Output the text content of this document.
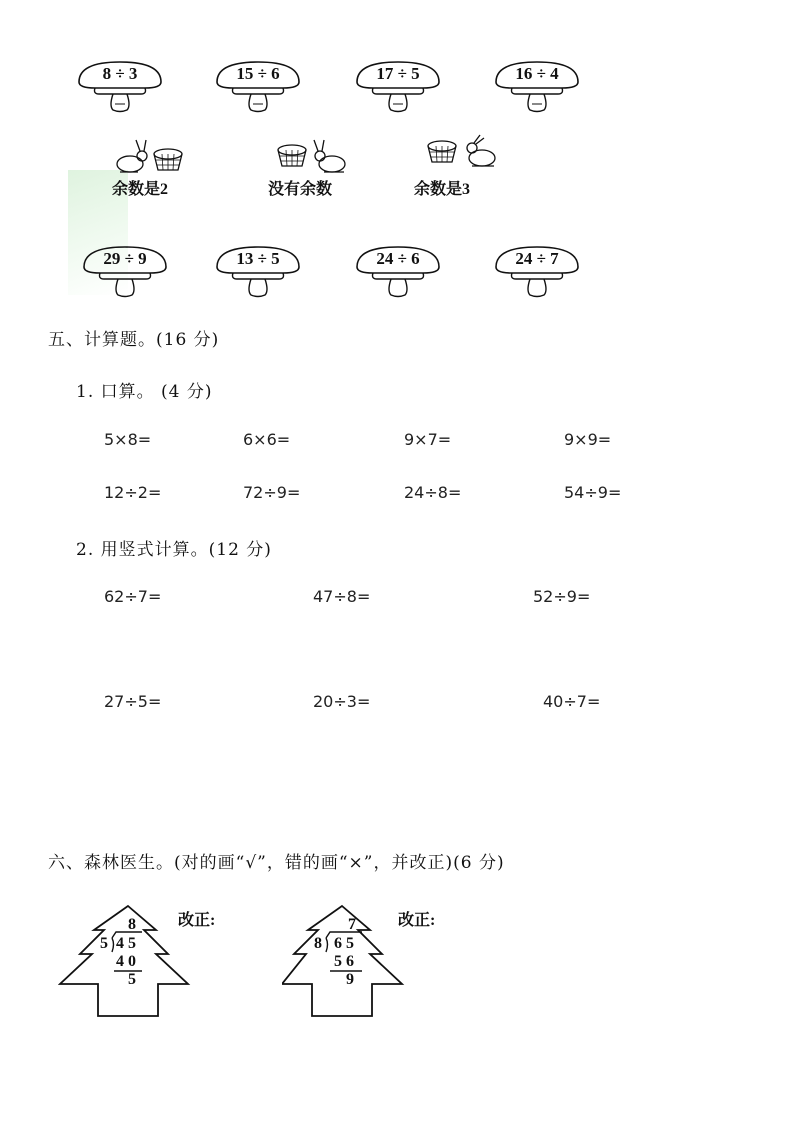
8 ÷ 3	15 ÷ 6	17 ÷ 5	16 ÷ 4
余数是2	没有余数	余数是3
29 ÷ 9	13 ÷ 5	24 ÷ 6	24 ÷ 7
五、计算题。(16 分)
1. 口算。 (4 分)
5×8=	6×6=	9×7=	9×9=
12÷2=	72÷9=	24÷8=	54÷9=
2. 用竖式计算。(12 分)
62÷7=	47÷8=	52÷9=
27÷5=	20÷3=	40÷7=
六、森林医生。(对的画“√”，错的画“×”，并改正)(6 分)
8
5 4 5
4 0
5
改正:	7
8 6 5
5 6
9
改正:
